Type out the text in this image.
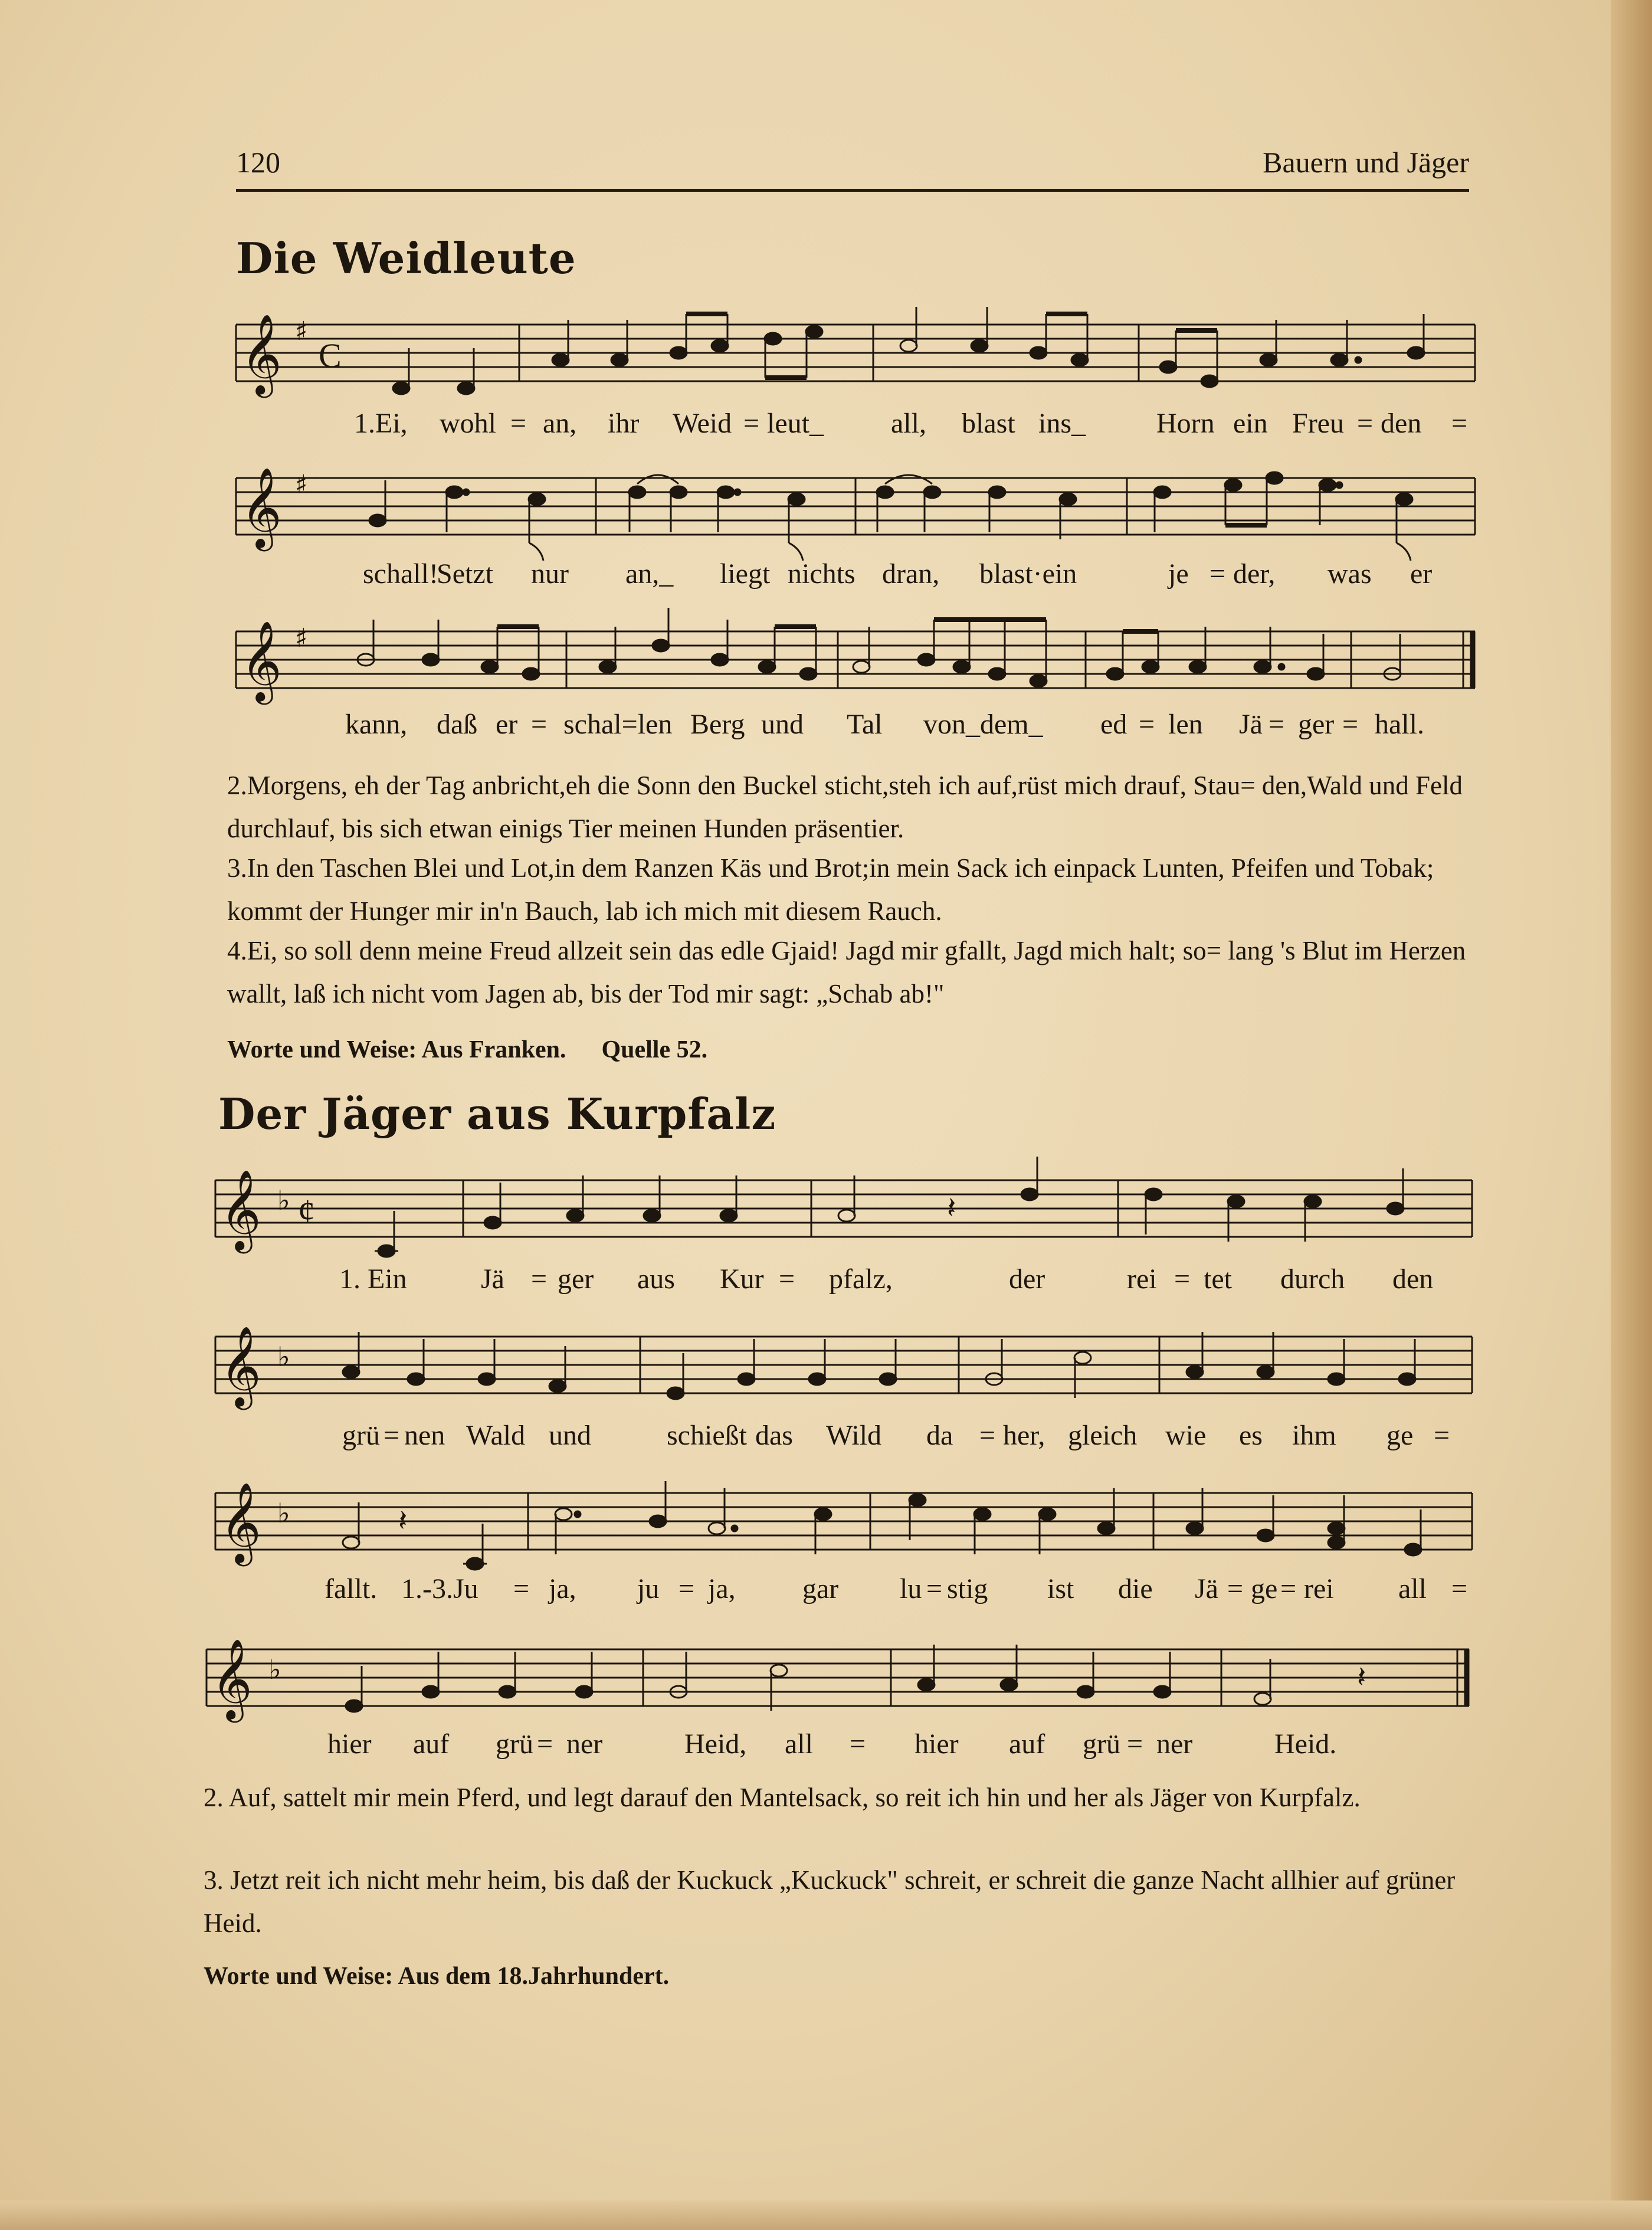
120	Bauern und Jäger
Die Weidleute
𝄞 ♯
C
1.Ei, wohl = an, ihr Weid = leut_ all, blast ins_ Horn ein Freu = den =
𝄞 ♯
schall!
Setzt nur an,_ liegt nichts dran, blast·ein	je = der, was er
𝄞 ♯
kann, daß er = schal=len Berg und Tal von_dem_ ed = len Jä = ger = hall.
2.Morgens, eh der Tag anbricht,eh die Sonn den Buckel sticht,steh ich auf,rüst mich drauf, Stau= den,Wald und Feld durchlauf, bis sich etwan einigs Tier meinen Hunden präsentier.
3.In den Taschen Blei und Lot,in dem Ranzen Käs und Brot;in mein Sack ich einpack Lunten, Pfeifen und Tobak; kommt der Hunger mir in'n Bauch, lab ich mich mit diesem Rauch.
4.Ei, so soll denn meine Freud allzeit sein das edle Gjaid! Jagd mir gfallt, Jagd mich halt; so= lang 's Blut im Herzen wallt, laß ich nicht vom Jagen ab, bis der Tod mir sagt: „Schab ab!"
Worte und Weise: Aus Franken. Quelle 52.
Der Jäger aus Kurpfalz
𝄞 ♭ ¢	𝄽
1. Ein	Jä = ger aus Kur = pfalz,	der	rei = tet durch den
𝄞 ♭
grü = nen Wald und	schießt das Wild da = her, gleich wie es ihm ge =
𝄞 ♭	𝄽
fallt. 1.-3.Ju = ja, ju = ja, gar lu = stig ist die Jä = ge = rei all =
𝄞 ♭	𝄽
hier auf grü = ner	Heid, all = hier auf grü = ner	Heid.
2. Auf, sattelt mir mein Pferd, und legt darauf den Mantelsack, so reit ich hin und her als Jäger von Kurpfalz.
3. Jetzt reit ich nicht mehr heim, bis daß der Kuckuck „Kuckuck" schreit, er schreit die ganze Nacht allhier auf grüner Heid.
Worte und Weise: Aus dem 18.Jahrhundert.
